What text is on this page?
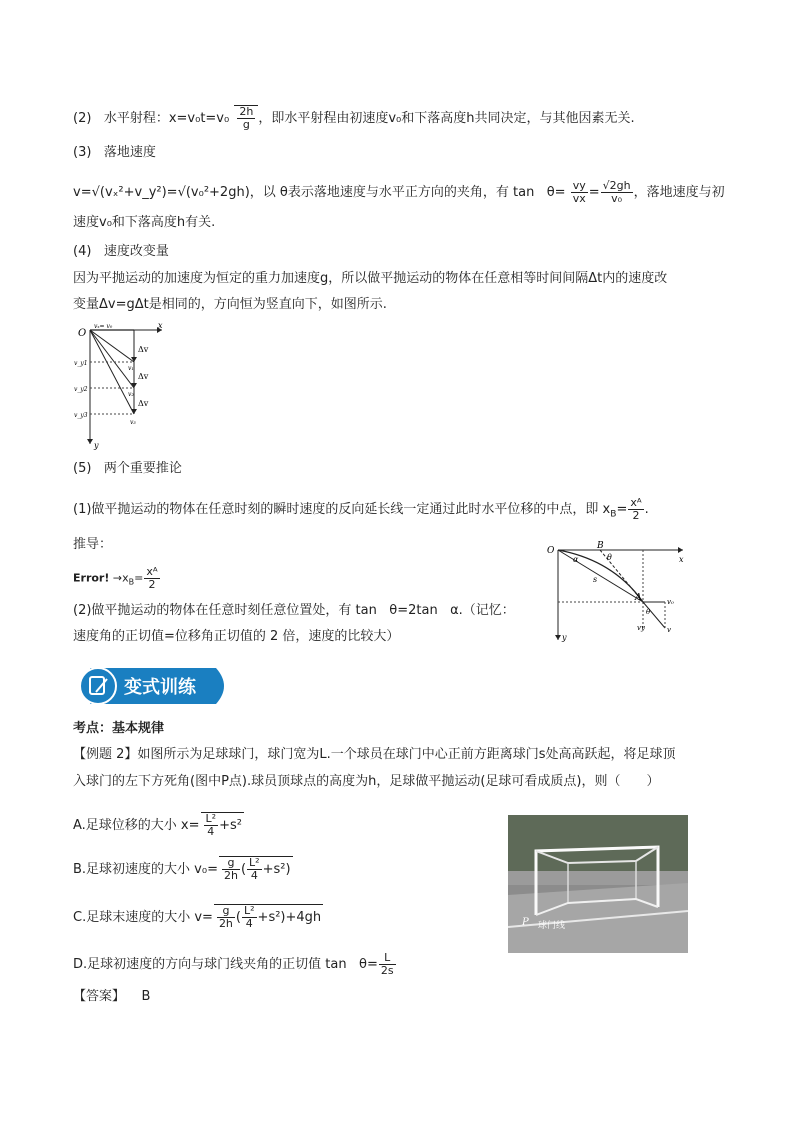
(2) 水平射程：$x=v_0t=v_0 \frac{2h}{g}$ ，即水平射程由初速度v₀和下落高度h共同决定，与其他因素无关.
(3) 落地速度
v=√(vₓ²+v_y²)=√(v₀²+2gh)，以 θ表示落地速度与水平正方向的夹角，有 $\tan \theta= \frac{vy}{vx} = \frac{√2gh}{\text{v₀}}$ ，落地速度与初
速度v₀和下落高度h有关.
(4) 速度改变量
因为平抛运动的加速度为恒定的重力加速度g，所以做平抛运动的物体在任意相等时间间隔Δt内的速度改
变量Δv=gΔt是相同的，方向恒为竖直向下，如图所示.
O
x
y
vₓ= v₀
v_y1
v_y2
v_y3
Δv
Δv
Δv
v₁
v₂
v₃
(5) 两个重要推论
(1)做平抛运动的物体在任意时刻的瞬时速度的反向延长线一定通过此时水平位移的中点，即 $x_B= \frac{\text{xᴬ}}{2}$ .
推导：
Error! $\to x_B= \frac{\text{xᴬ}}{2}$
(2)做平抛运动的物体在任意时刻任意位置处，有 tan θ=2tan α.（记忆：
速度角的正切值=位移角正切值的 2 倍，速度的比较大）
O	B
θ
α
s
A
θ
v₀
vy	v
x
y
变式训练
考点：基本规律
【例题 2】如图所示为足球球门，球门宽为L.一个球员在球门中心正前方距离球门s处高高跃起，将足球顶
入球门的左下方死角(图中P点).球员顶球点的高度为h，足球做平抛运动(足球可看成质点)，则（　　）
A.足球位移的大小 $x= \frac{\text{L²}}{4} +s^2$
B.足球初速度的大小 $v_0= \frac{g}{2h}$ ( $\frac{\text{L²}}{4} +s^2$)
C.足球末速度的大小 $v= \frac{g}{2h}$ ( $\frac{\text{L²}}{4} +s^2)+4gh$
D.足球初速度的方向与球门线夹角的正切值 $\tan \theta= \frac{L}{2s}$
【答案】 B
P 球门线
